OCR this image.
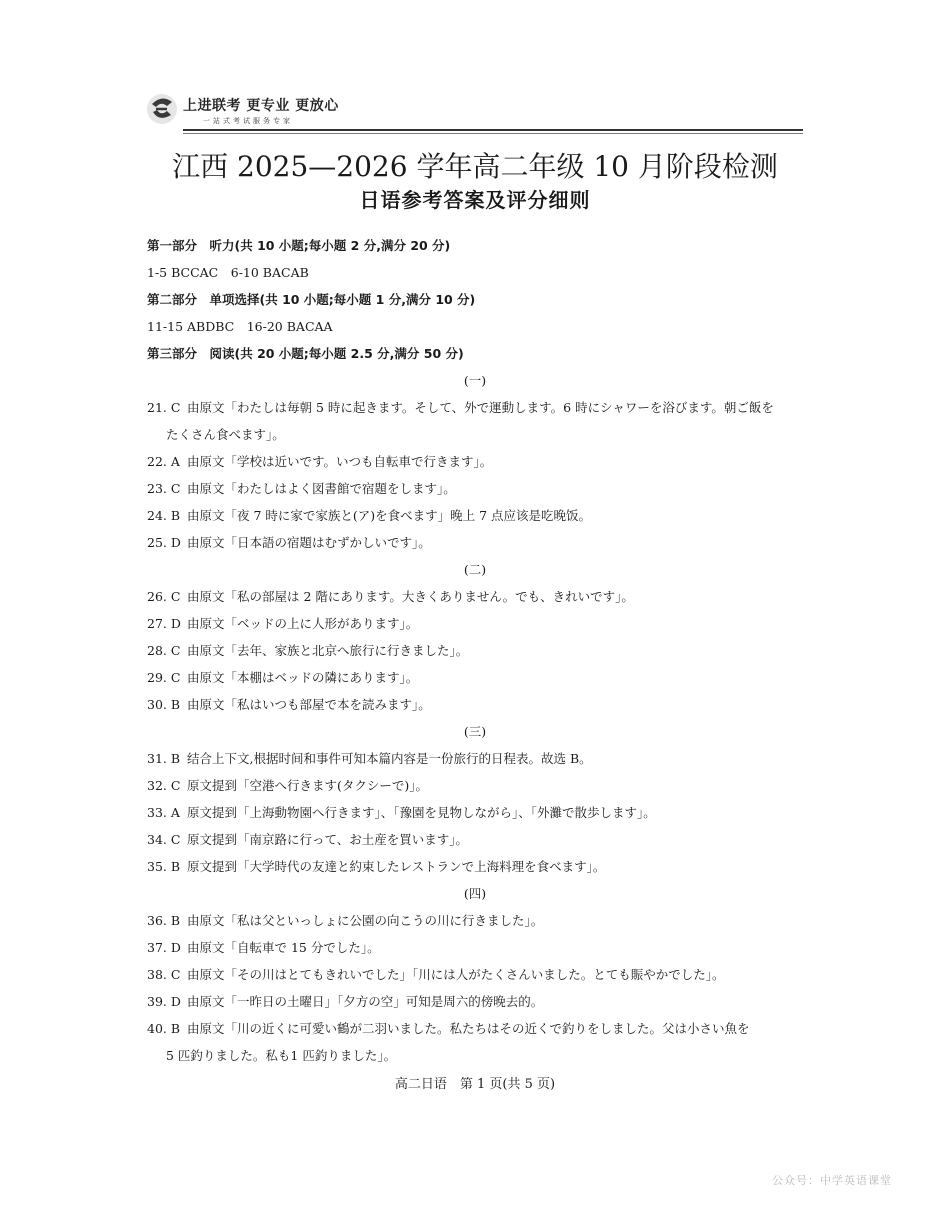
上进联考 更专业 更放心
一站式考试服务专家
江西 2025—2026 学年高二年级 10 月阶段检测
日语参考答案及评分细则
第一部分　听力(共 10 小题;每小题 2 分,满分 20 分)
1-5 BCCAC　6-10 BACAB
第二部分　单项选择(共 10 小题;每小题 1 分,满分 10 分)
11-15 ABDBC　16-20 BACAA
第三部分　阅读(共 20 小题;每小题 2.5 分,满分 50 分)
(一)
21. C 由原文「わたしは毎朝 5 時に起きます。そして、外で運動します。6 時にシャワーを浴びます。朝ご飯を
たくさん食べます」。
22. A 由原文「学校は近いです。いつも自転車で行きます」。
23. C 由原文「わたしはよく図書館で宿題をします」。
24. B 由原文「夜 7 時に家で家族と(ア)を食べます」晚上 7 点应该是吃晚饭。
25. D 由原文「日本語の宿題はむずかしいです」。
(二)
26. C 由原文「私の部屋は 2 階にあります。大きくありません。でも、きれいです」。
27. D 由原文「ベッドの上に人形があります」。
28. C 由原文「去年、家族と北京へ旅行に行きました」。
29. C 由原文「本棚はベッドの隣にあります」。
30. B 由原文「私はいつも部屋で本を読みます」。
(三)
31. B 结合上下文,根据时间和事件可知本篇内容是一份旅行的日程表。故选 B。
32. C 原文提到「空港へ行きます(タクシーで)」。
33. A 原文提到「上海動物園へ行きます」、「豫園を見物しながら」、「外灘で散歩します」。
34. C 原文提到「南京路に行って、お土産を買います」。
35. B 原文提到「大学時代の友達と約束したレストランで上海料理を食べます」。
(四)
36. B 由原文「私は父といっしょに公園の向こうの川に行きました」。
37. D 由原文「自転車で 15 分でした」。
38. C 由原文「その川はとてもきれいでした」「川には人がたくさんいました。とても賑やかでした」。
39. D 由原文「一昨日の土曜日」「夕方の空」可知是周六的傍晚去的。
40. B 由原文「川の近くに可愛い鶴が二羽いました。私たちはその近くで釣りをしました。父は小さい魚を
5 匹釣りました。私も1 匹釣りました」。
高二日语　第 1 页(共 5 页)
公众号：中学英语课堂
